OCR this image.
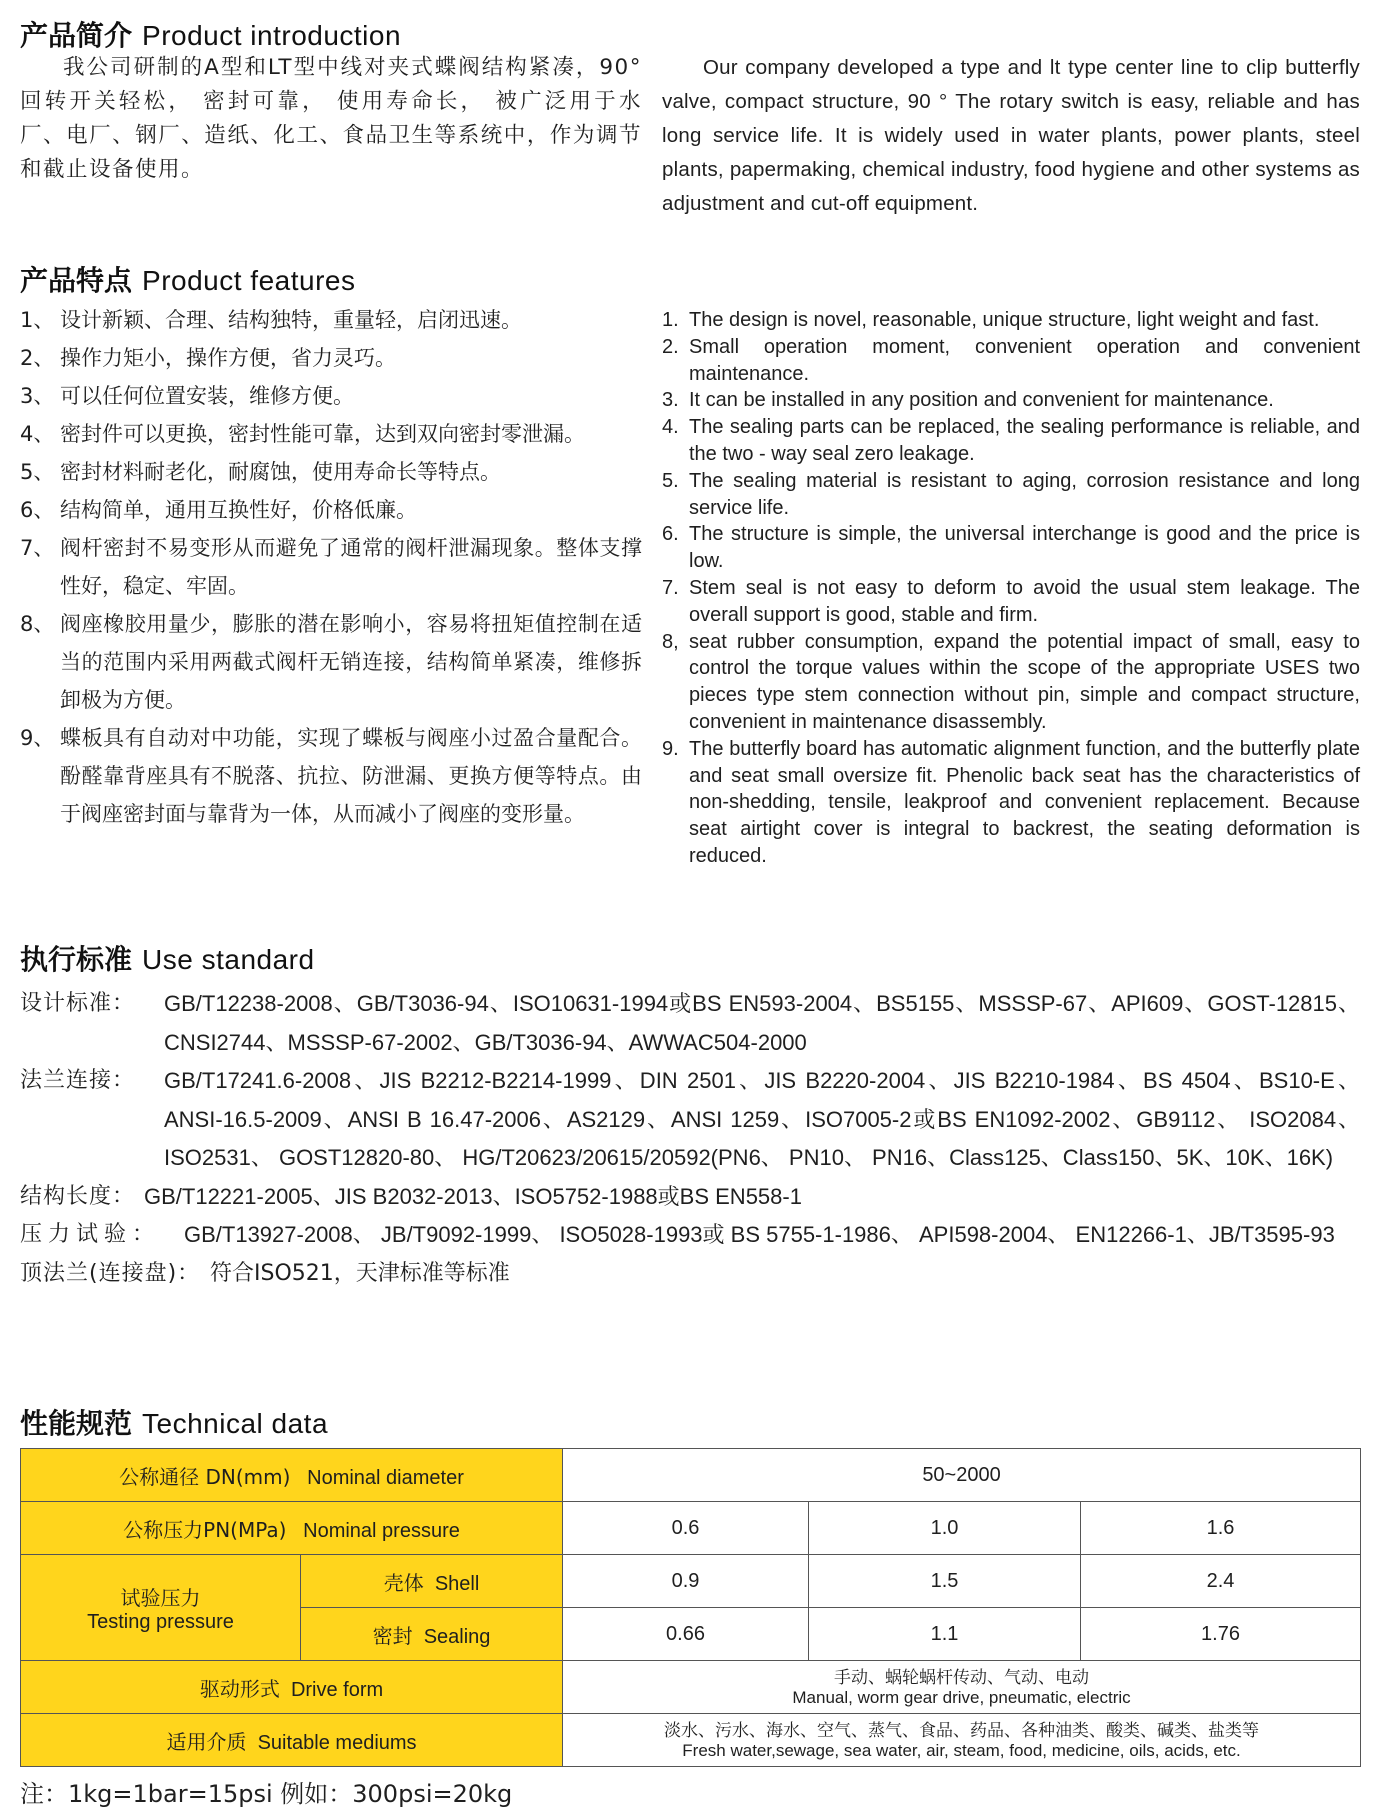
产品简介 Product introduction

我公司研制的A型和LT型中线对夹式蝶阀结构紧凑，90° 回转开关轻松， 密封可靠， 使用寿命长， 被广泛用于水厂、电厂、钢厂、造纸、化工、食品卫生等系统中，作为调节和截止设备使用。

Our company developed a type and lt type center line to clip butterfly valve, compact structure, 90 ° The rotary switch is easy, reliable and has long service life. It is widely used in water plants, power plants, steel plants, papermaking, chemical industry, food hygiene and other systems as adjustment and cut-off equipment.

产品特点 Product features
1、 设计新颖、合理、结构独特，重量轻，启闭迅速。
2、 操作力矩小，操作方便，省力灵巧。
3、 可以任何位置安装，维修方便。
4、 密封件可以更换，密封性能可靠，达到双向密封零泄漏。
5、 密封材料耐老化，耐腐蚀，使用寿命长等特点。
6、 结构简单，通用互换性好，价格低廉。
7、 阀杆密封不易变形从而避免了通常的阀杆泄漏现象。整体支撑性好，稳定、牢固。
8、 阀座橡胶用量少，膨胀的潜在影响小，容易将扭矩值控制在适当的范围内采用两截式阀杆无销连接，结构简单紧凑，维修拆卸极为方便。
9、 蝶板具有自动对中功能，实现了蝶板与阀座小过盈合量配合。酚醛靠背座具有不脱落、抗拉、防泄漏、更换方便等特点。由于阀座密封面与靠背为一体，从而减小了阀座的变形量。
1. The design is novel, reasonable, unique structure, light weight and fast.
2. Small operation moment, convenient operation and convenient maintenance.
3. It can be installed in any position and convenient for maintenance.
4. The sealing parts can be replaced, the sealing performance is reliable, and the two - way seal zero leakage.
5. The sealing material is resistant to aging, corrosion resistance and long service life.
6. The structure is simple, the universal interchange is good and the price is low.
7. Stem seal is not easy to deform to avoid the usual stem leakage. The overall support is good, stable and firm.
8, seat rubber consumption, expand the potential impact of small, easy to control the torque values within the scope of the appropriate USES two pieces type stem connection without pin, simple and compact structure, convenient in maintenance disassembly.
9. The butterfly board has automatic alignment function, and the butterfly plate and seat small oversize fit. Phenolic back seat has the characteristics of non-shedding, tensile, leakproof and convenient replacement. Because seat airtight cover is integral to backrest, the seating deformation is reduced.
执行标准 Use standard
设计标准：	GB/T12238-2008、GB/T3036-94、ISO10631-1994或BS EN593-2004、BS5155、MSSSP-67、API609、GOST-12815、CNSI2744、MSSSP-67-2002、GB/T3036-94、AWWAC504-2000
法兰连接：	GB/T17241.6-2008、JIS B2212-B2214-1999、DIN 2501、JIS B2220-2004、JIS B2210-1984、BS 4504、BS10-E、ANSI-16.5-2009、ANSI B 16.47-2006、AS2129、ANSI 1259、ISO7005-2或BS EN1092-2002、GB9112、 ISO2084、 ISO2531、 GOST12820-80、 HG/T20623/20615/20592(PN6、 PN10、 PN16、Class125、Class150、5K、10K、16K)
结构长度： GB/T12221-2005、JIS B2032-2013、ISO5752-1988或BS EN558-1
压力试验：	GB/T13927-2008、 JB/T9092-1999、 ISO5028-1993或 BS 5755-1-1986、 API598-2004、 EN12266-1、JB/T3595-93
顶法兰(连接盘)： 符合ISO521，天津标准等标准
性能规范 Technical data
公称通径 DN(mm) Nominal diameter		50~2000		
公称压力PN(MPa) Nominal pressure		0.6	1.0	1.6
试验压力
Testing pressure	壳体 Shell	0.9	1.5	2.4
	密封 Sealing	0.66	1.1	1.76
驱动形式 Drive form		手动、蜗轮蜗杆传动、气动、电动
Manual, worm gear drive, pneumatic, electric		
适用介质 Suitable mediums		淡水、污水、海水、空气、蒸气、食品、药品、各种油类、酸类、碱类、盐类等
Fresh water,sewage, sea water, air, steam, food, medicine, oils, acids, etc.		
注：1kg=1bar=15psi 例如：300psi=20kg
